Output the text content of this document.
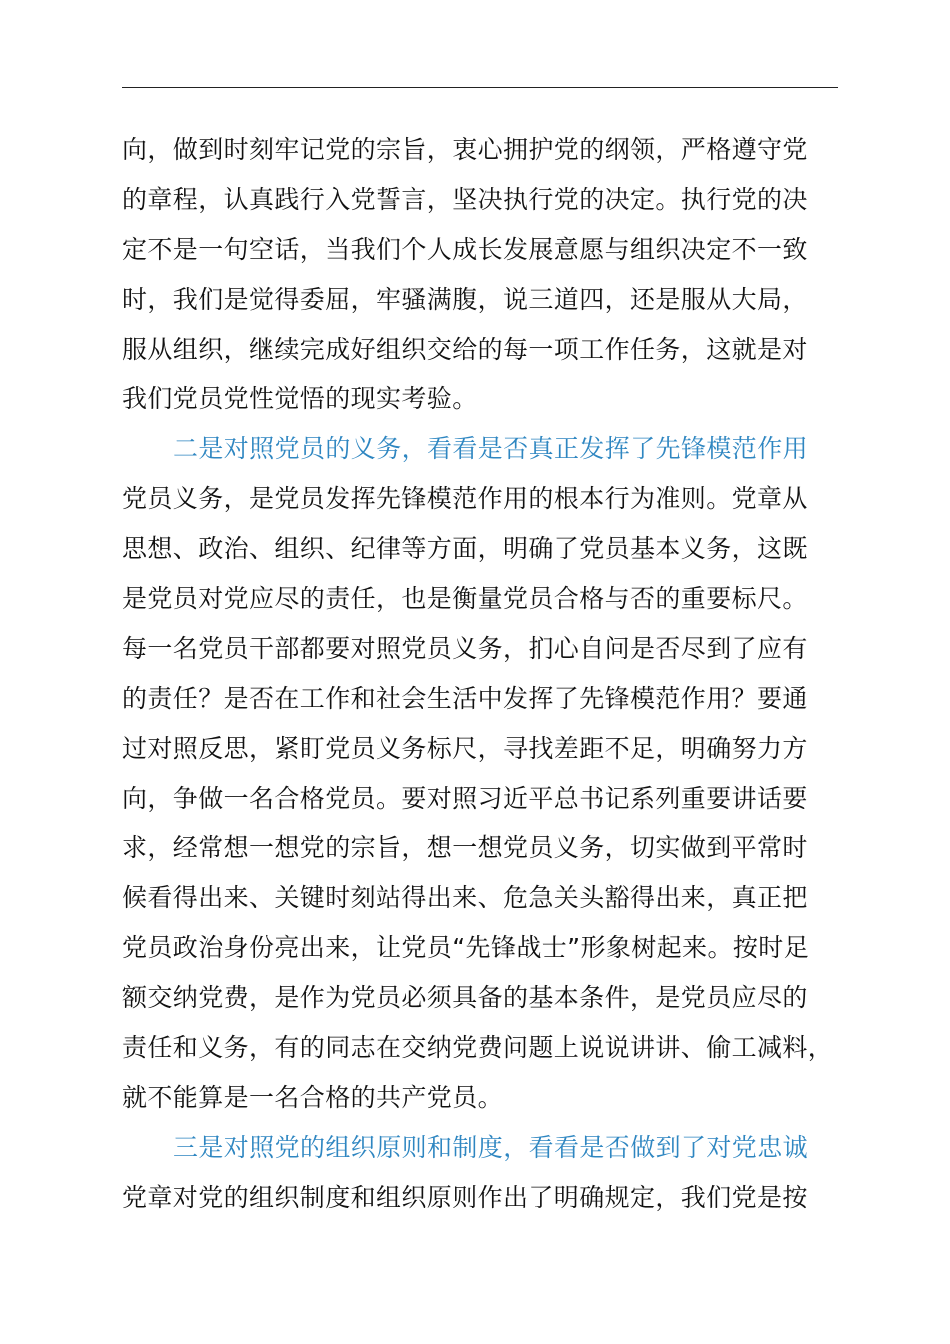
向，做到时刻牢记党的宗旨，衷心拥护党的纲领，严格遵守党
的章程，认真践行入党誓言，坚决执行党的决定。执行党的决
定不是一句空话，当我们个人成长发展意愿与组织决定不一致
时，我们是觉得委屈，牢骚满腹，说三道四，还是服从大局，
服从组织，继续完成好组织交给的每一项工作任务，这就是对
我们党员党性觉悟的现实考验。
二是对照党员的义务，看看是否真正发挥了先锋模范作用
党员义务，是党员发挥先锋模范作用的根本行为准则。党章从
思想、政治、组织、纪律等方面，明确了党员基本义务，这既
是党员对党应尽的责任，也是衡量党员合格与否的重要标尺。
每一名党员干部都要对照党员义务，扪心自问是否尽到了应有
的责任？是否在工作和社会生活中发挥了先锋模范作用？要通
过对照反思，紧盯党员义务标尺，寻找差距不足，明确努力方
向，争做一名合格党员。要对照习近平总书记系列重要讲话要
求，经常想一想党的宗旨，想一想党员义务，切实做到平常时
候看得出来、关键时刻站得出来、危急关头豁得出来，真正把
党员政治身份亮出来，让党员“先锋战士”形象树起来。按时足
额交纳党费，是作为党员必须具备的基本条件，是党员应尽的
责任和义务，有的同志在交纳党费问题上说说讲讲、偷工减料，
就不能算是一名合格的共产党员。
三是对照党的组织原则和制度，看看是否做到了对党忠诚
党章对党的组织制度和组织原则作出了明确规定，我们党是按
